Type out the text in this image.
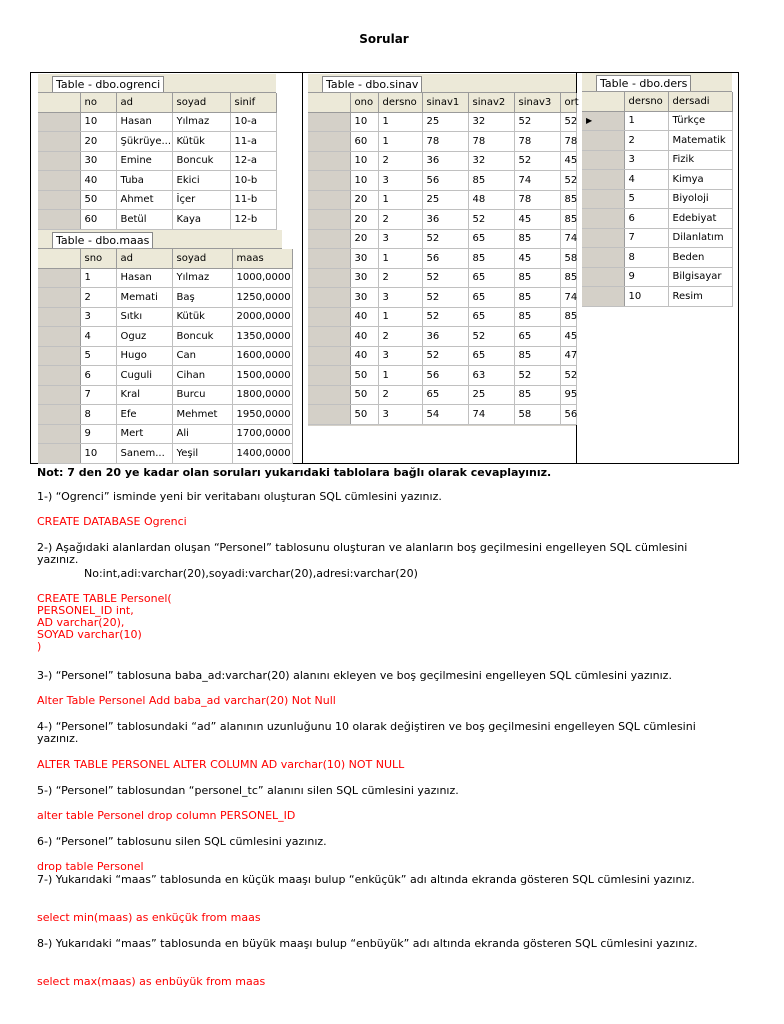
Sorular
Table - dbo.ogrenci
	no	ad	soyad	sinif
	10	Hasan	Yılmaz	10-a
	20	Şükrüye...	Kütük	11-a
	30	Emine	Boncuk	12-a
	40	Tuba	Ekici	10-b
	50	Ahmet	İçer	11-b
	60	Betül	Kaya	12-b
Table - dbo.maas
	sno	ad	soyad	maas
	1	Hasan	Yılmaz	1000,0000
	2	Memati	Baş	1250,0000
	3	Sıtkı	Kütük	2000,0000
	4	Oguz	Boncuk	1350,0000
	5	Hugo	Can	1600,0000
	6	Cuguli	Cihan	1500,0000
	7	Kral	Burcu	1800,0000
	8	Efe	Mehmet	1950,0000
	9	Mert	Ali	1700,0000
	10	Sanem...	Yeşil	1400,0000
Table - dbo.sinav
	ono	dersno	sinav1	sinav2	sinav3	ort
	10	1	25	32	52	52
	60	1	78	78	78	78
	10	2	36	32	52	45
	10	3	56	85	74	52
	20	1	25	48	78	85
	20	2	36	52	45	85
	20	3	52	65	85	74
	30	1	56	85	45	58
	30	2	52	65	85	85
	30	3	52	65	85	74
	40	1	52	65	85	85
	40	2	36	52	65	45
	40	3	52	65	85	47
	50	1	56	63	52	52
	50	2	65	25	85	95
	50	3	54	74	58	56
Table - dbo.ders
	dersno	dersadi
▶	1	Türkçe
	2	Matematik
	3	Fizik
	4	Kimya
	5	Biyoloji
	6	Edebiyat
	7	Dilanlatım
	8	Beden
	9	Bilgisayar
	10	Resim
Not: 7 den 20 ye kadar olan soruları yukarıdaki tablolara bağlı olarak cevaplayınız.
1-) “Ogrenci” isminde yeni bir veritabanı oluşturan SQL cümlesini yazınız.
CREATE DATABASE Ogrenci
2-) Aşağıdaki alanlardan oluşan “Personel” tablosunu oluşturan ve alanların boş geçilmesini engelleyen SQL cümlesini yazınız.
No:int,adi:varchar(20),soyadi:varchar(20),adresi:varchar(20)
CREATE TABLE Personel(
PERSONEL_ID int,
AD varchar(20),
SOYAD varchar(10)
)
3-) “Personel” tablosuna baba_ad:varchar(20) alanını ekleyen ve boş geçilmesini engelleyen SQL cümlesini yazınız.
Alter Table Personel Add baba_ad varchar(20) Not Null
4-) “Personel” tablosundaki “ad” alanının uzunluğunu 10 olarak değiştiren ve boş geçilmesini engelleyen SQL cümlesini yazınız.
ALTER TABLE PERSONEL ALTER COLUMN AD varchar(10) NOT NULL
5-) “Personel” tablosundan “personel_tc” alanını silen SQL cümlesini yazınız.
alter table Personel drop column PERSONEL_ID
6-) “Personel” tablosunu silen SQL cümlesini yazınız.
drop table Personel
7-) Yukarıdaki “maas” tablosunda en küçük maaşı bulup “enküçük” adı altında ekranda gösteren SQL cümlesini yazınız.
select min(maas) as enküçük from maas
8-) Yukarıdaki “maas” tablosunda en büyük maaşı bulup “enbüyük” adı altında ekranda gösteren SQL cümlesini yazınız.
select max(maas) as enbüyük from maas
